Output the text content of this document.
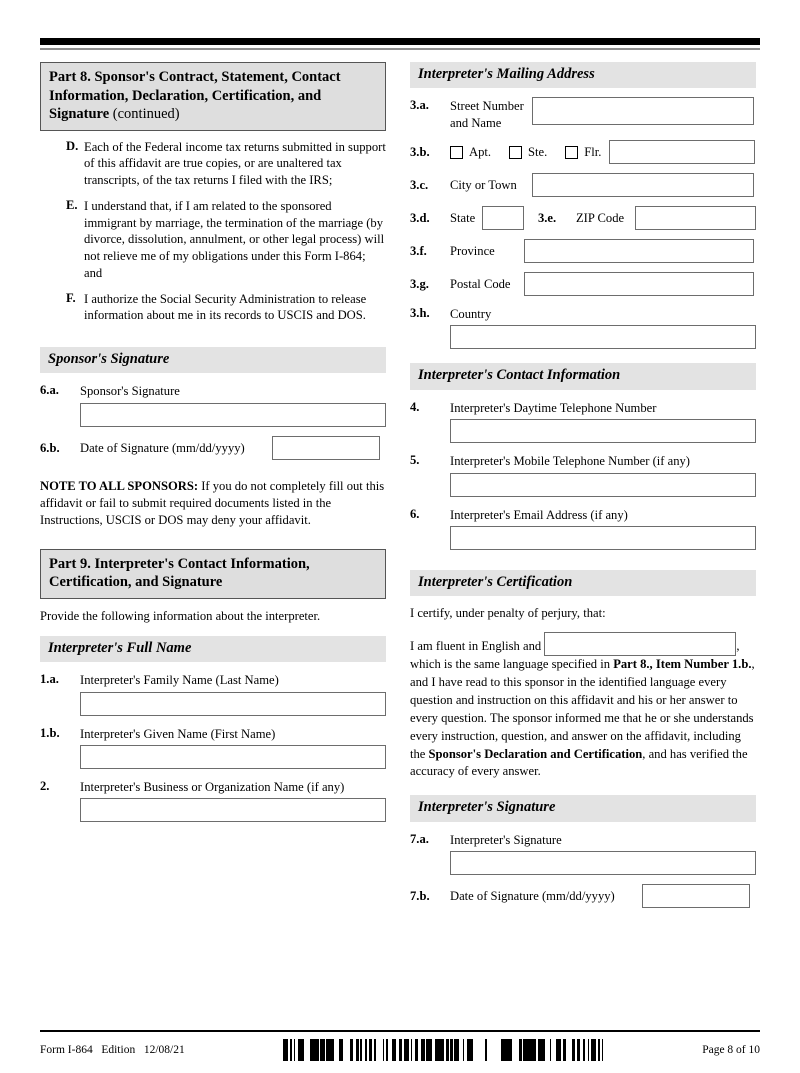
Part 8. Sponsor's Contract, Statement, Contact Information, Declaration, Certification, and Signature (continued)
D. Each of the Federal income tax returns submitted in support of this affidavit are true copies, or are unaltered tax transcripts, of the tax returns I filed with the IRS;
E. I understand that, if I am related to the sponsored immigrant by marriage, the termination of the marriage (by divorce, dissolution, annulment, or other legal process) will not relieve me of my obligations under this Form I-864; and
F. I authorize the Social Security Administration to release information about me in its records to USCIS and DOS.
Sponsor's Signature
6.a.	Sponsor's Signature
6.b.	Date of Signature (mm/dd/yyyy)
NOTE TO ALL SPONSORS: If you do not completely fill out this affidavit or fail to submit required documents listed in the Instructions, USCIS or DOS may deny your affidavit.
Part 9. Interpreter's Contact Information, Certification, and Signature
Provide the following information about the interpreter.
Interpreter's Full Name
1.a.	Interpreter's Family Name (Last Name)
1.b.	Interpreter's Given Name (First Name)
2.	Interpreter's Business or Organization Name (if any)
Interpreter's Mailing Address
3.a.	Street Number
and Name
3.b.	Apt.	Ste.	Flr.
3.c.	City or Town
3.d.	State	3.e.	ZIP Code
3.f.	Province
3.g.	Postal Code
3.h.	Country
Interpreter's Contact Information
4.	Interpreter's Daytime Telephone Number
5.	Interpreter's Mobile Telephone Number (if any)
6.	Interpreter's Email Address (if any)
Interpreter's Certification
I certify, under penalty of perjury, that:
I am fluent in English and	, which is the same language specified in Part 8., Item Number 1.b., and I have read to this sponsor in the identified language every question and instruction on this affidavit and his or her answer to every question. The sponsor informed me that he or she understands every instruction, question, and answer on the affidavit, including the Sponsor's Declaration and Certification, and has verified the accuracy of every answer.
Interpreter's Signature
7.a.	Interpreter's Signature
7.b.	Date of Signature (mm/dd/yyyy)
Form I-864   Edition   12/08/21	Page 8 of 10
